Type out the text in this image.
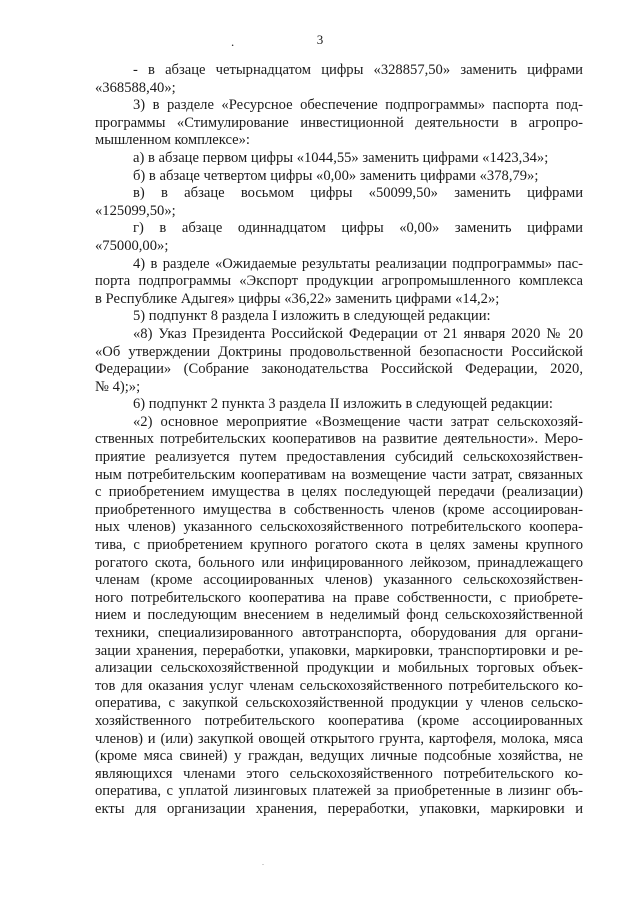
.	3
- в абзаце четырнадцатом цифры «328857,50» заменить цифрами
«368588,40»;
3) в разделе «Ресурсное обеспечение подпрограммы» паспорта под-
программы «Стимулирование инвестиционной деятельности в агропро-
мышленном комплексе»:
а) в абзаце первом цифры «1044,55» заменить цифрами «1423,34»;
б) в абзаце четвертом цифры «0,00» заменить цифрами «378,79»;
в) в абзаце восьмом цифры «50099,50» заменить цифрами
«125099,50»;
г) в абзаце одиннадцатом цифры «0,00» заменить цифрами
«75000,00»;
4) в разделе «Ожидаемые результаты реализации подпрограммы» пас-
порта подпрограммы «Экспорт продукции агропромышленного комплекса
в Республике Адыгея» цифры «36,22» заменить цифрами «14,2»;
5) подпункт 8 раздела I изложить в следующей редакции:
«8) Указ Президента Российской Федерации от 21 января 2020 № 20
«Об утверждении Доктрины продовольственной безопасности Российской
Федерации» (Собрание законодательства Российской Федерации, 2020,
№ 4);»;
6) подпункт 2 пункта 3 раздела II изложить в следующей редакции:
«2) основное мероприятие «Возмещение части затрат сельскохозяй-
ственных потребительских кооперативов на развитие деятельности». Меро-
приятие реализуется путем предоставления субсидий сельскохозяйствен-
ным потребительским кооперативам на возмещение части затрат, связанных
с приобретением имущества в целях последующей передачи (реализации)
приобретенного имущества в собственность членов (кроме ассоциирован-
ных членов) указанного сельскохозяйственного потребительского коопера-
тива, с приобретением крупного рогатого скота в целях замены крупного
рогатого скота, больного или инфицированного лейкозом, принадлежащего
членам (кроме ассоциированных членов) указанного сельскохозяйствен-
ного потребительского кооператива на праве собственности, с приобрете-
нием и последующим внесением в неделимый фонд сельскохозяйственной
техники, специализированного автотранспорта, оборудования для органи-
зации хранения, переработки, упаковки, маркировки, транспортировки и ре-
ализации сельскохозяйственной продукции и мобильных торговых объек-
тов для оказания услуг членам сельскохозяйственного потребительского ко-
оператива, с закупкой сельскохозяйственной продукции у членов сельско-
хозяйственного потребительского кооператива (кроме ассоциированных
членов) и (или) закупкой овощей открытого грунта, картофеля, молока, мяса
(кроме мяса свиней) у граждан, ведущих личные подсобные хозяйства, не
являющихся членами этого сельскохозяйственного потребительского ко-
оператива, с уплатой лизинговых платежей за приобретенные в лизинг объ-
екты для организации хранения, переработки, упаковки, маркировки и
.
